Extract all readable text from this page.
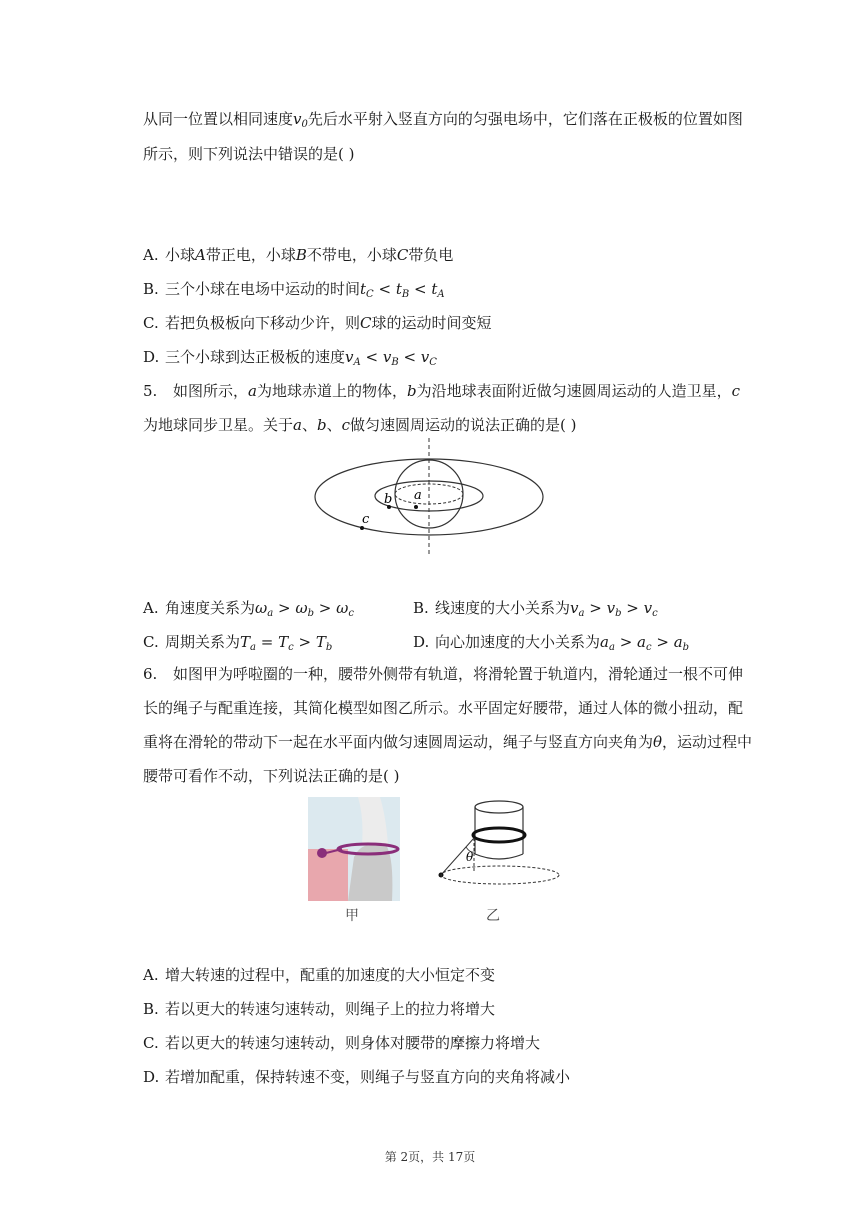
从同一位置以相同速度$v_0$先后水平射入竖直方向的匀强电场中，它们落在正极板的位置如图
所示，则下列说法中错误的是( )
A. 小球A带正电，小球B不带电，小球C带负电
B. 三个小球在电场中运动的时间$t_C < t_B < t_A$
C. 若把负极板向下移动少许，则C球的运动时间变短
D. 三个小球到达正极板的速度$v_A < v_B < v_C$
5. 如图所示，a为地球赤道上的物体，b为沿地球表面附近做匀速圆周运动的人造卫星，c
为地球同步卫星。关于a、b、c做匀速圆周运动的说法正确的是( )
a
b
c
A. 角速度关系为$\omega_a > \omega_b > \omega_c$	B. 线速度的大小关系为$v_a > v_b > v_c$
C. 周期关系为$T_a = T_c > T_b$	D. 向心加速度的大小关系为$a_a > a_c > a_b$
6. 如图甲为呼啦圈的一种，腰带外侧带有轨道，将滑轮置于轨道内，滑轮通过一根不可伸
长的绳子与配重连接，其简化模型如图乙所示。水平固定好腰带，通过人体的微小扭动，配
重将在滑轮的带动下一起在水平面内做匀速圆周运动，绳子与竖直方向夹角为θ，运动过程中
腰带可看作不动，下列说法正确的是( )
甲
θ
乙
A. 增大转速的过程中，配重的加速度的大小恒定不变
B. 若以更大的转速匀速转动，则绳子上的拉力将增大
C. 若以更大的转速匀速转动，则身体对腰带的摩擦力将增大
D. 若增加配重，保持转速不变，则绳子与竖直方向的夹角将减小
第 2页，共 17页
